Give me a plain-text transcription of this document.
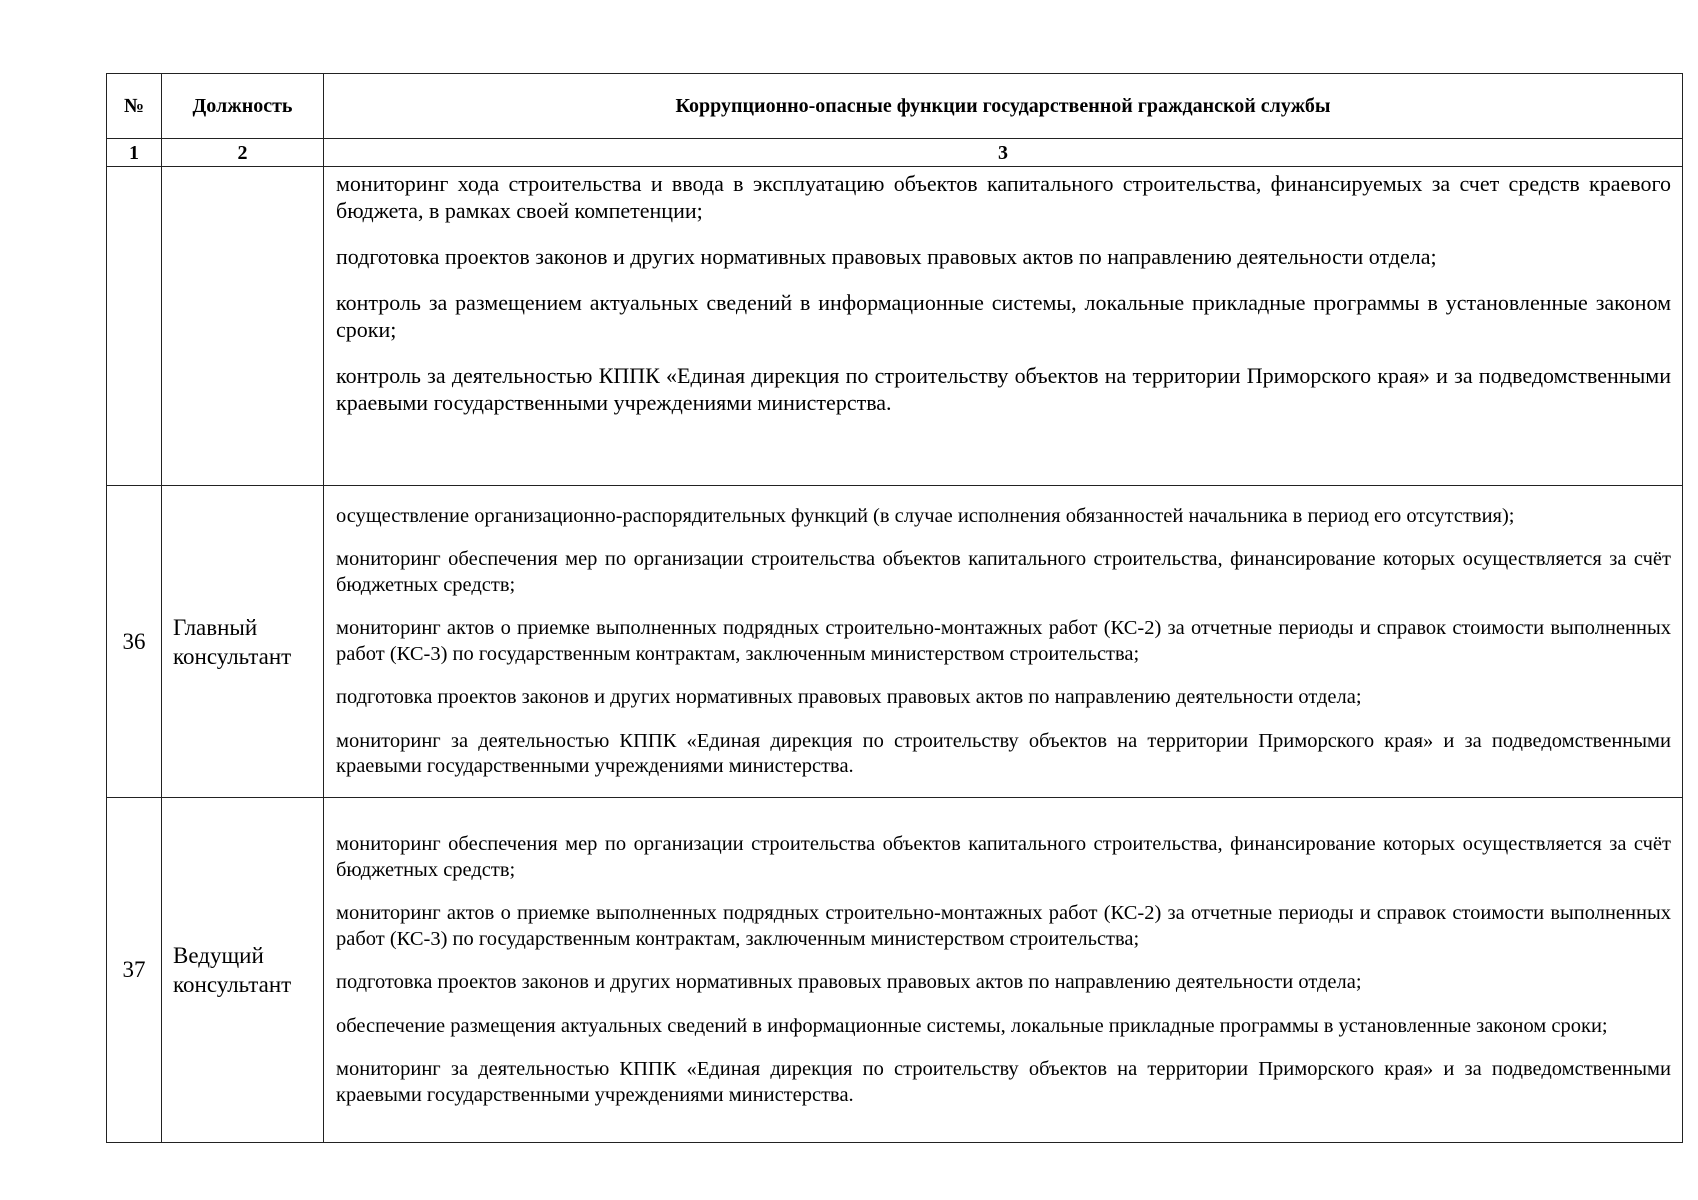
№	Должность	Коррупционно-опасные функции государственной гражданской службы
1	2	3

		мониторинг хода строительства и ввода в эксплуатацию объектов капитального строительства, финансируемых за счет средств краевого бюджета, в рамках своей компетенции;

подготовка проектов законов и других нормативных правовых правовых актов по направлению деятельности отдела;

контроль за размещением актуальных сведений в информационные системы, локальные прикладные программы в установленные законом сроки;

контроль за деятельностью КППК «Единая дирекция по строительству объектов на территории Приморского края» и за подведомственными краевыми государственными учреждениями министерства.

36	Главный консультант	осуществление организационно-распорядительных функций (в случае исполнения обязанностей начальника в период его отсутствия);

мониторинг обеспечения мер по организации строительства объектов капитального строительства, финансирование которых осуществляется за счёт бюджетных средств;

мониторинг актов о приемке выполненных подрядных строительно-монтажных работ (КС-2) за отчетные периоды и справок стоимости выполненных работ (КС-3) по государственным контрактам, заключенным министерством строительства;

подготовка проектов законов и других нормативных правовых правовых актов по направлению деятельности отдела;

мониторинг за деятельностью КППК «Единая дирекция по строительству объектов на территории Приморского края» и за подведомственными краевыми государственными учреждениями министерства.

37	Ведущий консультант	мониторинг обеспечения мер по организации строительства объектов капитального строительства, финансирование которых осуществляется за счёт бюджетных средств;

мониторинг актов о приемке выполненных подрядных строительно-монтажных работ (КС-2) за отчетные периоды и справок стоимости выполненных работ (КС-3) по государственным контрактам, заключенным министерством строительства;

подготовка проектов законов и других нормативных правовых правовых актов по направлению деятельности отдела;

обеспечение размещения актуальных сведений в информационные системы, локальные прикладные программы в установленные законом сроки;

мониторинг за деятельностью КППК «Единая дирекция по строительству объектов на территории Приморского края» и за подведомственными краевыми государственными учреждениями министерства.
